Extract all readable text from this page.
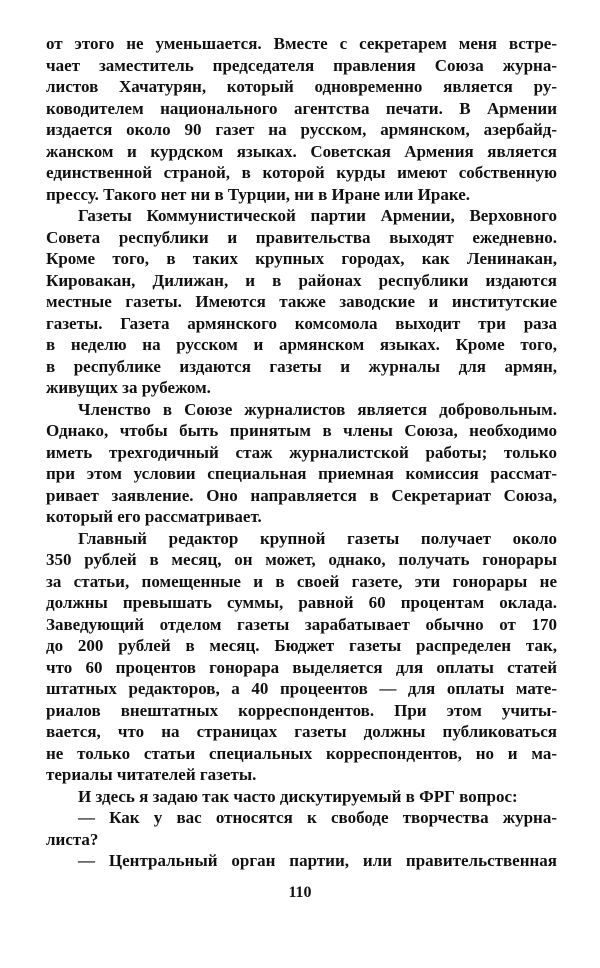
от этого не уменьшается. Вместе с секретарем меня встре-
чает заместитель председателя правления Союза журна-
листов Хачатурян, который одновременно является ру-
ководителем национального агентства печати. В Армении
издается около 90 газет на русском, армянском, азербайд-
жанском и курдском языках. Советская Армения является
единственной страной, в которой курды имеют собственную
прессу. Такого нет ни в Турции, ни в Иране или Ираке.
Газеты Коммунистической партии Армении, Верховного
Совета республики и правительства выходят ежедневно.
Кроме того, в таких крупных городах, как Ленинакан,
Кировакан, Дилижан, и в районах республики издаются
местные газеты. Имеются также заводские и институтские
газеты. Газета армянского комсомола выходит три раза
в неделю на русском и армянском языках. Кроме того,
в республике издаются газеты и журналы для армян,
живущих за рубежом.
Членство в Союзе журналистов является добровольным.
Однако, чтобы быть принятым в члены Союза, необходимо
иметь трехгодичный стаж журналистской работы; только
при этом условии специальная приемная комиссия рассмат-
ривает заявление. Оно направляется в Секретариат Союза,
который его рассматривает.
Главный редактор крупной газеты получает около
350 рублей в месяц, он может, однако, получать гонорары
за статьи, помещенные и в своей газете, эти гонорары не
должны превышать суммы, равной 60 процентам оклада.
Заведующий отделом газеты зарабатывает обычно от 170
до 200 рублей в месяц. Бюджет газеты распределен так,
что 60 процентов гонорара выделяется для оплаты статей
штатных редакторов, а 40 процеентов — для оплаты мате-
риалов внештатных корреспондентов. При этом учиты-
вается, что на страницах газеты должны публиковаться
не только статьи специальных корреспондентов, но и ма-
териалы читателей газеты.
И здесь я задаю так часто дискутируемый в ФРГ вопрос:
— Как у вас относятся к свободе творчества журна-
листа?
— Центральный орган партии, или правительственная
110
